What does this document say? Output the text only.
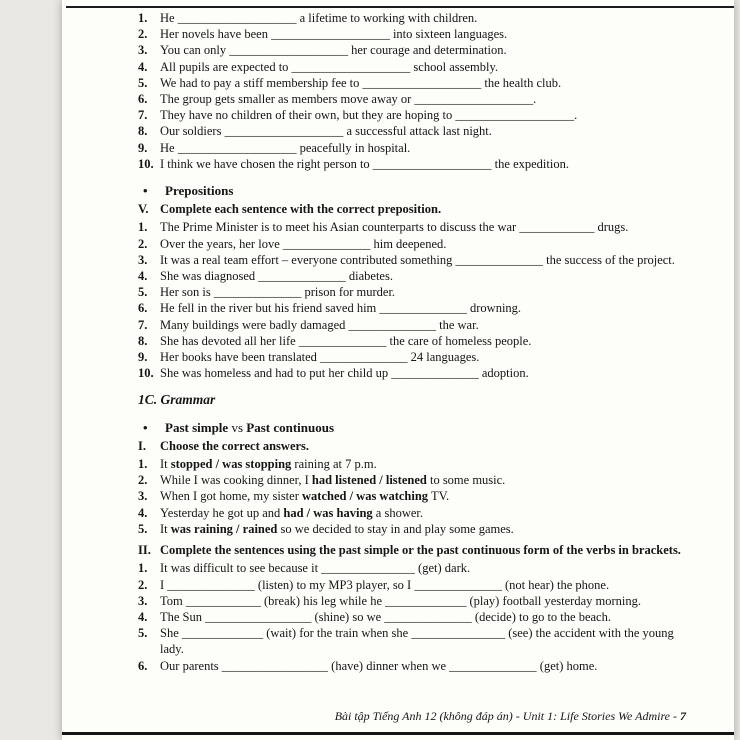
1.	He ___________________ a lifetime to working with children.
2.	Her novels have been ___________________ into sixteen languages.
3.	You can only ___________________ her courage and determination.
4.	All pupils are expected to ___________________ school assembly.
5.	We had to pay a stiff membership fee to ___________________ the health club.
6.	The group gets smaller as members move away or ___________________.
7.	They have no children of their own, but they are hoping to ___________________.
8.	Our soldiers ___________________ a successful attack last night.
9.	He ___________________ peacefully in hospital.
10. I think we have chosen the right person to ___________________ the expedition.
•	Prepositions
V. Complete each sentence with the correct preposition.
1.	The Prime Minister is to meet his Asian counterparts to discuss the war ____________ drugs.
2.	Over the years, her love ______________ him deepened.
3.	It was a real team effort – everyone contributed something ______________ the success of the project.
4.	She was diagnosed ______________ diabetes.
5.	Her son is ______________ prison for murder.
6.	He fell in the river but his friend saved him ______________ drowning.
7.	Many buildings were badly damaged ______________ the war.
8.	She has devoted all her life ______________ the care of homeless people.
9.	Her books have been translated ______________ 24 languages.
10. She was homeless and had to put her child up ______________ adoption.
1C. Grammar
•	Past simple vs Past continuous
I.	Choose the correct answers.
1.	It stopped / was stopping raining at 7 p.m.
2.	While I was cooking dinner, I had listened / listened to some music.
3.	When I got home, my sister watched / was watching TV.
4.	Yesterday he got up and had / was having a shower.
5.	It was raining / rained so we decided to stay in and play some games.
II. Complete the sentences using the past simple or the past continuous form of the verbs in brackets.
1.	It was difficult to see because it _______________ (get) dark.
2.	I ______________ (listen) to my MP3 player, so I ______________ (not hear) the phone.
3.	Tom ____________ (break) his leg while he _____________ (play) football yesterday morning.
4.	The Sun _________________ (shine) so we ______________ (decide) to go to the beach.
5.	She _____________ (wait) for the train when she _______________ (see) the accident with the young lady.
6.	Our parents _________________ (have) dinner when we ______________ (get) home.
Bài tập Tiếng Anh 12 (không đáp án) - Unit 1: Life Stories We Admire - 7
